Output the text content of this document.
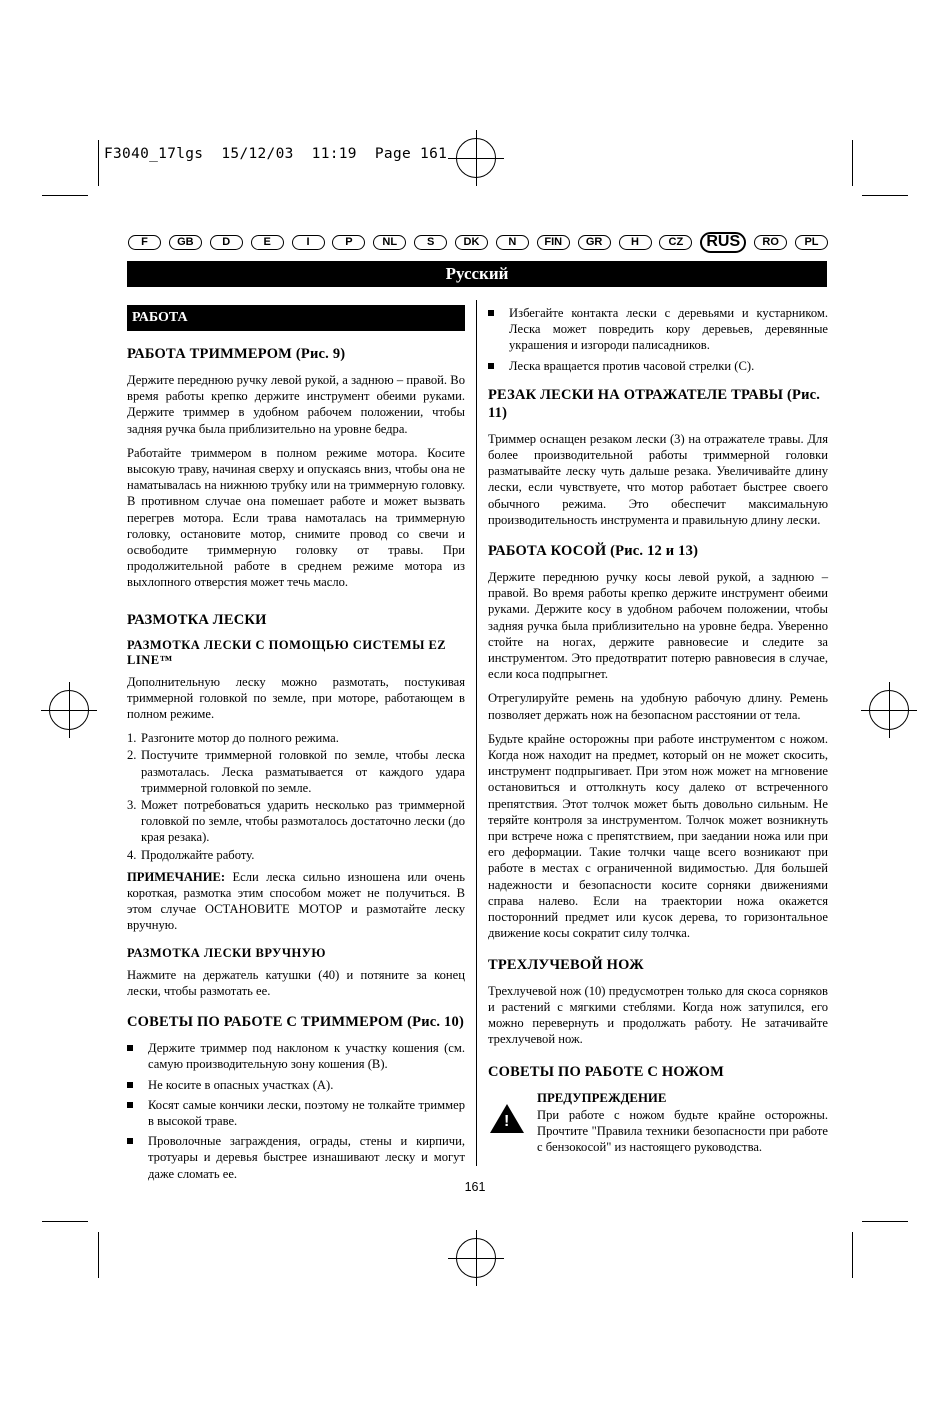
F3040_17lgs  15/12/03  11:19  Page 161
F	GB	D	E	I	P	NL	S	DK	N	FIN	GR	H	CZ	RUS	RO	PL
Русский
РАБОТА
РАБОТА ТРИММЕРОМ (Рис. 9)

Держите переднюю ручку левой рукой, а заднюю – правой. Во время работы крепко держите инструмент обеими руками. Держите триммер в удобном рабочем положении, чтобы задняя ручка была приблизительно на уровне бедра.

Работайте триммером в полном режиме мотора. Косите высокую траву, начиная сверху и опускаясь вниз, чтобы она не наматывалась на нижнюю трубку или на триммерную головку. В противном случае она помешает работе и может вызвать перегрев мотора. Если трава намоталась на триммерную головку, остановите мотор, снимите провод со свечи и освободите триммерную головку от травы. При продолжительной работе в среднем режиме мотора из выхлопного отверстия может течь масло.

РАЗМОТКА ЛЕСКИ
РАЗМОТКА ЛЕСКИ С ПОМОЩЬЮ СИСТЕМЫ EZ LINE™

Дополнительную леску можно размотать, постукивая триммерной головкой по земле, при моторе, работающем в полном режиме.

1. Разгоните мотор до полного режима.
2. Постучите триммерной головкой по земле, чтобы леска размоталась. Леска разматывается от каждого удара триммерной головкой по земле.
3. Может потребоваться ударить несколько раз триммерной головкой по земле, чтобы размоталось достаточно лески (до края резака).
4. Продолжайте работу.

ПРИМЕЧАНИЕ: Если леска сильно изношена или очень короткая, размотка этим способом может не получиться. В этом случае ОСТАНОВИТЕ МОТОР и размотайте леску вручную.

РАЗМОТКА ЛЕСКИ ВРУЧНУЮ

Нажмите на держатель катушки (40) и потяните за конец лески, чтобы размотать ее.

СОВЕТЫ ПО РАБОТЕ С ТРИММЕРОМ (Рис. 10)
Держите триммер под наклоном к участку кошения (см. самую производительную зону кошения (B).
Не косите в опасных участках (A).
Косят самые кончики лески, поэтому не толкайте триммер в высокой траве.
Проволочные заграждения, ограды, стены и кирпичи, тротуары и деревья быстрее изнашивают леску и могут даже сломать ее.
Избегайте контакта лески с деревьями и кустарником. Леска может повредить кору деревьев, деревянные украшения и изгороди палисадников.
Леска вращается против часовой стрелки (C).
РЕЗАК ЛЕСКИ НА ОТРАЖАТЕЛЕ ТРАВЫ (Рис. 11)

Триммер оснащен резаком лески (3) на отражателе травы. Для более производительной работы триммерной головки разматывайте леску чуть дальше резака. Увеличивайте длину лески, если чувствуете, что мотор работает быстрее своего обычного режима. Это обеспечит максимальную производительность инструмента и правильную длину лески.

РАБОТА КОСОЙ (Рис. 12 и 13)

Держите переднюю ручку косы левой рукой, а заднюю – правой. Во время работы крепко держите инструмент обеими руками. Держите косу в удобном рабочем положении, чтобы задняя ручка была приблизительно на уровне бедра. Уверенно стойте на ногах, держите равновесие и следите за инструментом. Это предотвратит потерю равновесия в случае, если коса подпрыгнет.

Отрегулируйте ремень на удобную рабочую длину. Ремень позволяет держать нож на безопасном расстоянии от тела.

Будьте крайне осторожны при работе инструментом с ножом. Когда нож находит на предмет, который он не может скосить, инструмент подпрыгивает. При этом нож может на мгновение остановиться и оттолкнуть косу далеко от встреченного препятствия. Этот толчок может быть довольно сильным. Не теряйте контроля за инструментом. Толчок может возникнуть при встрече ножа с препятствием, при заедании ножа или при его деформации. Такие толчки чаще всего возникают при работе в местах с ограниченной видимостью. Для большей надежности и безопасности косите сорняки движениями справа налево. Если на траектории ножа окажется посторонний предмет или кусок дерева, то горизонтальное движение косы сократит силу толчка.

ТРЕХЛУЧЕВОЙ НОЖ

Трехлучевой нож (10) предусмотрен только для скоса сорняков и растений с мягкими стеблями. Когда нож затупился, его можно перевернуть и продолжать работу. Не затачивайте трехлучевой нож.

СОВЕТЫ ПО РАБОТЕ С НОЖОМ
!
ПРЕДУПРЕЖДЕНИЕ

При работе с ножом будьте крайне осторожны. Прочтите "Правила техники безопасности при работе с бензокосой" из настоящего руководства.

161
